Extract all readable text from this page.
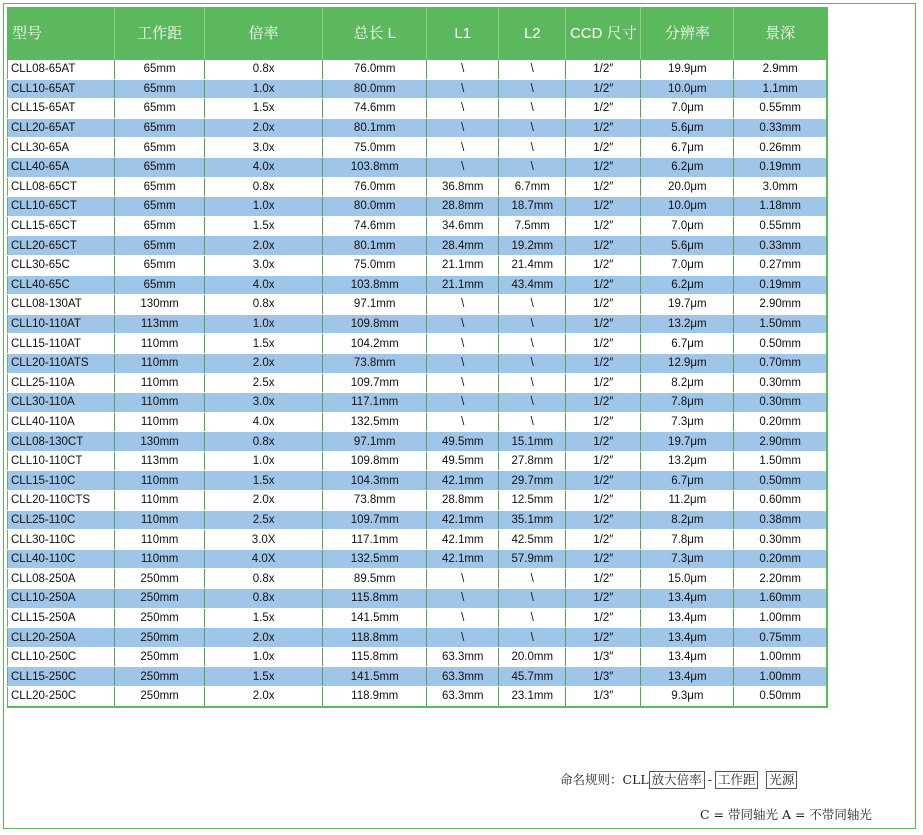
型号	工作距	倍率	总长 L	L1	L2	CCD 尺寸	分辨率	景深
CLL08-65AT	65mm	0.8x	76.0mm	\	\	1/2″	19.9μm	2.9mm
CLL10-65AT	65mm	1.0x	80.0mm	\	\	1/2″	10.0μm	1.1mm
CLL15-65AT	65mm	1.5x	74.6mm	\	\	1/2″	7.0μm	0.55mm
CLL20-65AT	65mm	2.0x	80.1mm	\	\	1/2″	5.6μm	0.33mm
CLL30-65A	65mm	3.0x	75.0mm	\	\	1/2″	6.7μm	0.26mm
CLL40-65A	65mm	4.0x	103.8mm	\	\	1/2″	6.2μm	0.19mm
CLL08-65CT	65mm	0.8x	76.0mm	36.8mm	6.7mm	1/2″	20.0μm	3.0mm
CLL10-65CT	65mm	1.0x	80.0mm	28.8mm	18.7mm	1/2″	10.0μm	1.18mm
CLL15-65CT	65mm	1.5x	74.6mm	34.6mm	7.5mm	1/2″	7.0μm	0.55mm
CLL20-65CT	65mm	2.0x	80.1mm	28.4mm	19.2mm	1/2″	5.6μm	0.33mm
CLL30-65C	65mm	3.0x	75.0mm	21.1mm	21.4mm	1/2″	7.0μm	0.27mm
CLL40-65C	65mm	4.0x	103.8mm	21.1mm	43.4mm	1/2″	6.2μm	0.19mm
CLL08-130AT	130mm	0.8x	97.1mm	\	\	1/2″	19.7μm	2.90mm
CLL10-110AT	113mm	1.0x	109.8mm	\	\	1/2″	13.2μm	1.50mm
CLL15-110AT	110mm	1.5x	104.2mm	\	\	1/2″	6.7μm	0.50mm
CLL20-110ATS	110mm	2.0x	73.8mm	\	\	1/2″	12.9μm	0.70mm
CLL25-110A	110mm	2.5x	109.7mm	\	\	1/2″	8.2μm	0.30mm
CLL30-110A	110mm	3.0x	117.1mm	\	\	1/2″	7.8μm	0.30mm
CLL40-110A	110mm	4.0x	132.5mm	\	\	1/2″	7.3μm	0.20mm
CLL08-130CT	130mm	0.8x	97.1mm	49.5mm	15.1mm	1/2″	19.7μm	2.90mm
CLL10-110CT	113mm	1.0x	109.8mm	49.5mm	27.8mm	1/2″	13.2μm	1.50mm
CLL15-110C	110mm	1.5x	104.3mm	42.1mm	29.7mm	1/2″	6.7μm	0.50mm
CLL20-110CTS	110mm	2.0x	73.8mm	28.8mm	12.5mm	1/2″	11.2μm	0.60mm
CLL25-110C	110mm	2.5x	109.7mm	42.1mm	35.1mm	1/2″	8.2μm	0.38mm
CLL30-110C	110mm	3.0X	117.1mm	42.1mm	42.5mm	1/2″	7.8μm	0.30mm
CLL40-110C	110mm	4.0X	132.5mm	42.1mm	57.9mm	1/2″	7.3μm	0.20mm
CLL08-250A	250mm	0.8x	89.5mm	\	\	1/2″	15.0μm	2.20mm
CLL10-250A	250mm	0.8x	115.8mm	\	\	1/2″	13.4μm	1.60mm
CLL15-250A	250mm	1.5x	141.5mm	\	\	1/2″	13.4μm	1.00mm
CLL20-250A	250mm	2.0x	118.8mm	\	\	1/2″	13.4μm	0.75mm
CLL10-250C	250mm	1.0x	115.8mm	63.3mm	20.0mm	1/3″	13.4μm	1.00mm
CLL15-250C	250mm	1.5x	141.5mm	63.3mm	45.7mm	1/3″	13.4μm	1.00mm
CLL20-250C	250mm	2.0x	118.9mm	63.3mm	23.1mm	1/3″	9.3μm	0.50mm
命名规则：CLL 放大倍率 - 工作距 光源
C = 带同轴光 A = 不带同轴光
